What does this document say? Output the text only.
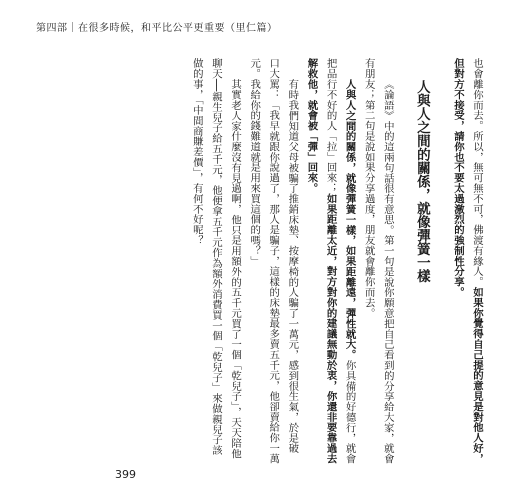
第四部｜在很多時候，和平比公平更重要（里仁篇）
也會離你而去。所以，無可無不可，佛渡有緣人。如果你覺得自己提的意見是對他人好，
但對方不接受，請你也不要太過激烈的強制性分享。
人與人之間的關係，就像彈簧一樣
《論語》中的這兩句話很有意思。第一句是說你願意把自己看到的分享給大家，就會
有朋友；第二句是說如果分享過度，朋友就會離你而去。
人與人之間的關係，就像彈簧一樣，如果距離遠，彈性就大。你具備的好德行，就會
把品行不好的人「拉」回來；如果距離太近，對方對你的建議無動於衷，你還非要靠過去
解救他，就會被「彈」回來。
有時我們知道父母被騙了推銷床墊、按摩椅的人騙了一萬元，感到很生氣，於是破
口大罵：「我早就跟你說過了，那人是騙子，這樣的床墊最多賣五千元，他卻賣給你一萬
元。我給你的錢難道就是用來買這個的嗎？」
其實老人家什麼沒有見過啊，他只是用額外的五千元買了一個「乾兒子」，天天陪他
聊天──親生兒子給五千元，他便拿五千元作為額外消費買一個「乾兒子」來做親兒子該
做的事，「中間商賺差價」，有何不好呢？
399
